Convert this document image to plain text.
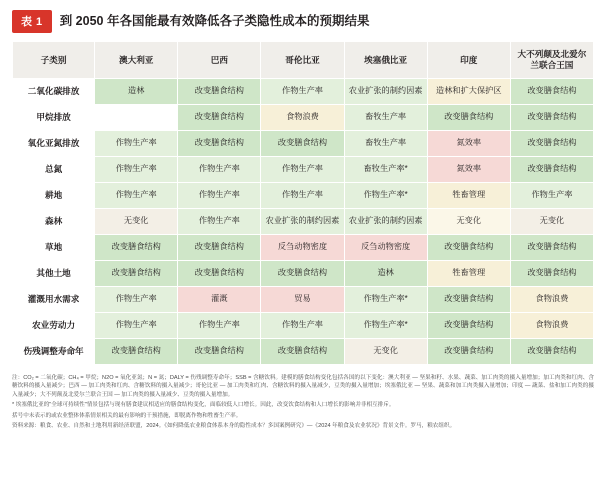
表 1	到 2050 年各国能最有效降低各子类隐性成本的预期结果
子类别	澳大利亚	巴西	哥伦比亚	埃塞俄比亚	印度	大不列颠及北爱尔兰联合王国
二氧化碳排放	造林	改变膳食结构	作物生产率	农业扩张的制约因素	造林和扩大保护区	改变膳食结构
甲烷排放		改变膳食结构	食物浪费	畜牧生产率	改变膳食结构	改变膳食结构
氧化亚氮排放	作物生产率	改变膳食结构	改变膳食结构	畜牧生产率	氮效率	改变膳食结构
总氮	作物生产率	作物生产率	作物生产率	畜牧生产率*	氮效率	改变膳食结构
耕地	作物生产率	作物生产率	作物生产率	作物生产率*	牲畜管理	作物生产率
森林	无变化	作物生产率	农业扩张的制约因素	农业扩张的制约因素	无变化	无变化
草地	改变膳食结构	改变膳食结构	反刍动物密度	反刍动物密度	改变膳食结构	改变膳食结构
其他土地	改变膳食结构	改变膳食结构	改变膳食结构	造林	牲畜管理	改变膳食结构
灌溉用水需求	作物生产率	灌溉	贸易	作物生产率*	改变膳食结构	食物浪费
农业劳动力	作物生产率	作物生产率	作物生产率	作物生产率*	改变膳食结构	食物浪费
伤残调整寿命年	改变膳食结构	改变膳食结构	改变膳食结构	无变化	改变膳食结构	改变膳食结构

注：CO₂ = 二氧化碳；CH₄ = 甲烷；N2O = 氧化亚氮；N = 氮；DALY = 伤残调整寿命年；SSB = 含糖饮料。建模的膳食结构变化包括各国的以下变化：澳大利亚 — 坚果和籽、水果、蔬菜、加工肉类的摄入量增加；加工肉类和红肉、含糖饮料的摄入量减少；巴西 — 加工肉类和红肉、含糖饮料的摄入量减少；哥伦比亚 — 加工肉类和红肉、含糖饮料的摄入量减少，豆类的摄入量增加；埃塞俄比亚 — 坚果、蔬菜和加工肉类摄入量增加；印度 — 蔬菜、盐和加工肉类的摄入量减少；大不列颠及北爱尔兰联合王国 — 加工肉类的摄入量减少、豆类的摄入量增加。

* 埃塞俄比亚的"全球可持续性"情景包括与现有膳食建议相适应的膳食结构变化，面临较低人口增长。因此，改变饮食结构和人口增长的影响并非相互排斥。

括号中未表示的或农业整体体系情景相关的最有影响的干预措施，即脱离作物和牲畜生产率。

资料来源：粮食、农业、自然和土地利用新经济联盟，2024。《如何降低农业粮食体系本身的隐性成本？多国案例研究》—《2024 年粮食及农业状况》背景文件。罗马，粮农组织。
